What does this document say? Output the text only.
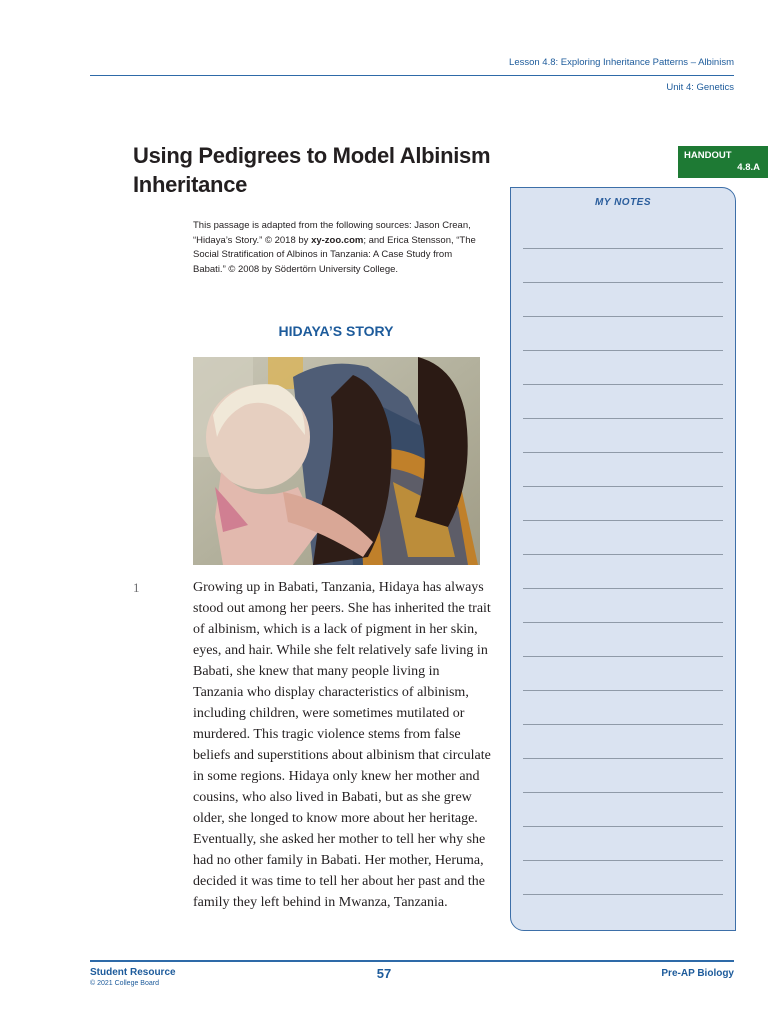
Lesson 4.8: Exploring Inheritance Patterns – Albinism
Unit 4: Genetics
Using Pedigrees to Model Albinism Inheritance
HANDOUT
4.8.A
MY NOTES

This passage is adapted from the following sources: Jason Crean, “Hidaya’s Story.” © 2018 by xy-zoo.com; and Erica Stensson, “The Social Stratification of Albinos in Tanzania: A Case Study from Babati.” © 2008 by Södertörn University College.

HIDAYA’S STORY
1	Growing up in Babati, Tanzania, Hidaya has always stood out among her peers. She has inherited the trait of albinism, which is a lack of pigment in her skin, eyes, and hair. While she felt relatively safe living in Babati, she knew that many people living in Tanzania who display characteristics of albinism, including children, were sometimes mutilated or murdered. This tragic violence stems from false beliefs and superstitions about albinism that circulate in some regions. Hidaya only knew her mother and cousins, who also lived in Babati, but as she grew older, she longed to know more about her heritage. Eventually, she asked her mother to tell her why she had no other family in Babati. Her mother, Heruma, decided it was time to tell her about her past and the family they left behind in Mwanza, Tanzania.

Student Resource
© 2021 College Board
57	Pre-AP Biology
